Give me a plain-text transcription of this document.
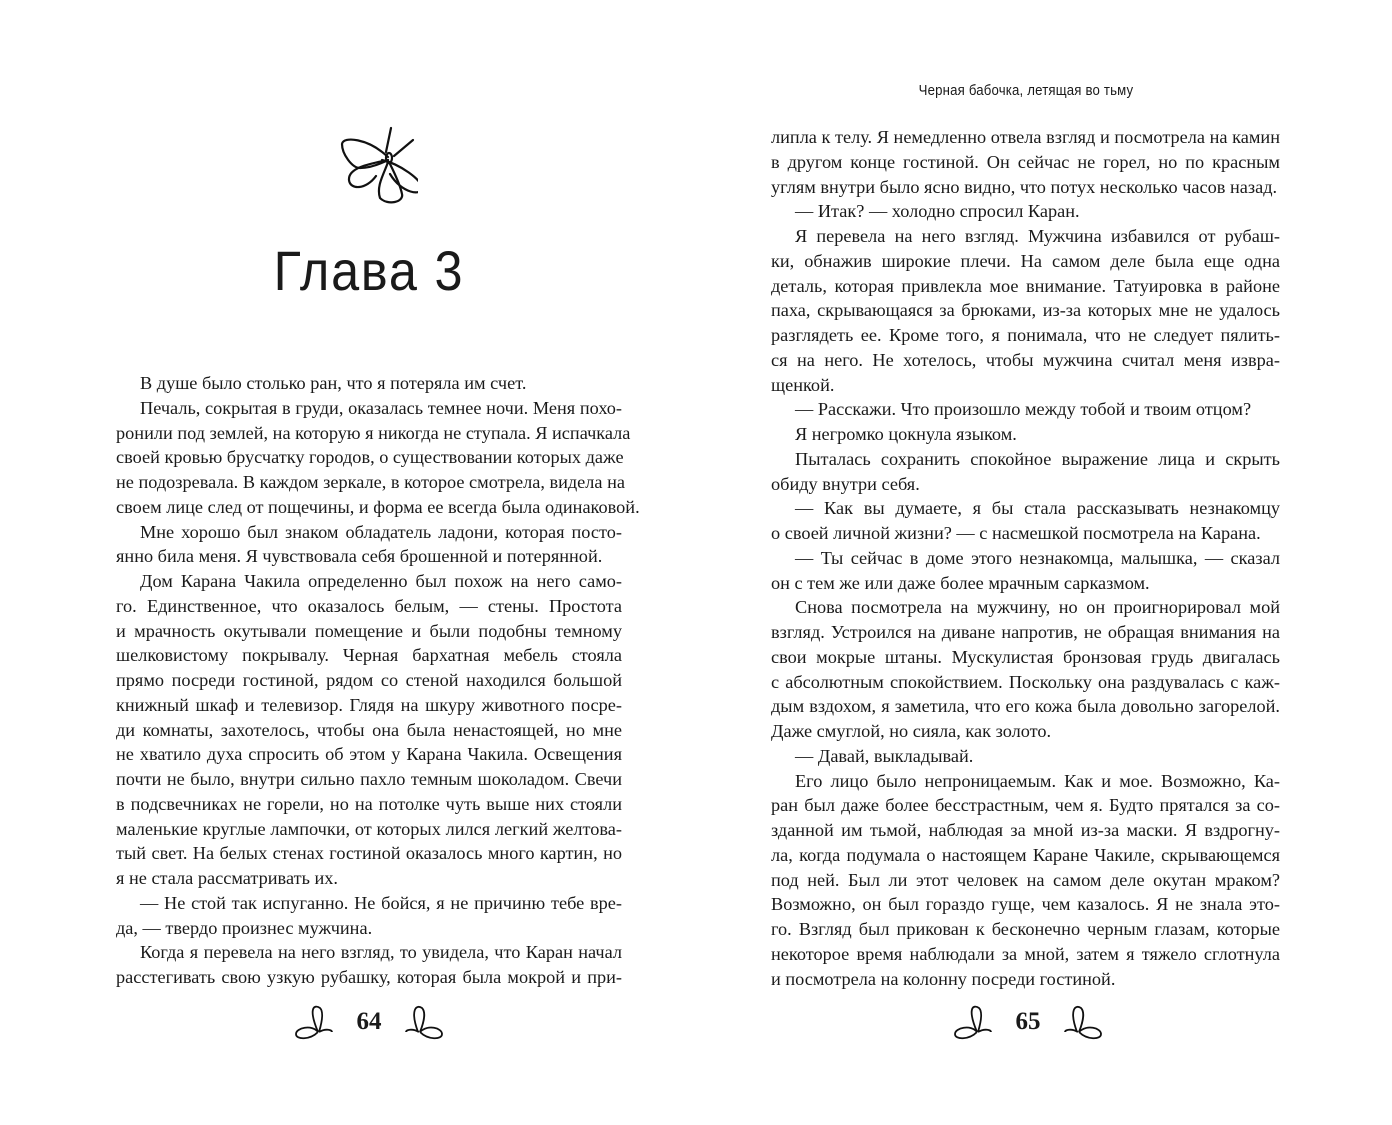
Глава 3
В душе было столько ран, что я потеряла им счет.
Печаль, сокрытая в груди, оказалась темнее ночи. Меня похо-
ронили под землей, на которую я никогда не ступала. Я испачкала
своей кровью брусчатку городов, о существовании которых даже
не подозревала. В каждом зеркале, в которое смотрела, видела на
своем лице след от пощечины, и форма ее всегда была одинаковой.
Мне хорошо был знаком обладатель ладони, которая посто-
янно била меня. Я чувствовала себя брошенной и потерянной.
Дом Карана Чакила определенно был похож на него само-
го. Единственное, что оказалось белым, — стены. Простота
и мрачность окутывали помещение и были подобны темному
шелковистому покрывалу. Черная бархатная мебель стояла
прямо посреди гостиной, рядом со стеной находился большой
книжный шкаф и телевизор. Глядя на шкуру животного посре-
ди комнаты, захотелось, чтобы она была ненастоящей, но мне
не хватило духа спросить об этом у Карана Чакила. Освещения
почти не было, внутри сильно пахло темным шоколадом. Свечи
в подсвечниках не горели, но на потолке чуть выше них стояли
маленькие круглые лампочки, от которых лился легкий желтова-
тый свет. На белых стенах гостиной оказалось много картин, но
я не стала рассматривать их.
— Не стой так испуганно. Не бойся, я не причиню тебе вре-
да, — твердо произнес мужчина.
Когда я перевела на него взгляд, то увидела, что Каран начал
расстегивать свою узкую рубашку, которая была мокрой и при-
64
Черная бабочка, летящая во тьму
липла к телу. Я немедленно отвела взгляд и посмотрела на камин
в другом конце гостиной. Он сейчас не горел, но по красным
углям внутри было ясно видно, что потух несколько часов назад.
— Итак? — холодно спросил Каран.
Я перевела на него взгляд. Мужчина избавился от рубаш-
ки, обнажив широкие плечи. На самом деле была еще одна
деталь, которая привлекла мое внимание. Татуировка в районе
паха, скрывающаяся за брюками, из-за которых мне не удалось
разглядеть ее. Кроме того, я понимала, что не следует пялить-
ся на него. Не хотелось, чтобы мужчина считал меня извра-
щенкой.
— Расскажи. Что произошло между тобой и твоим отцом?
Я негромко цокнула языком.
Пыталась сохранить спокойное выражение лица и скрыть
обиду внутри себя.
— Как вы думаете, я бы стала рассказывать незнакомцу
о своей личной жизни? — с насмешкой посмотрела на Карана.
— Ты сейчас в доме этого незнакомца, малышка, — сказал
он с тем же или даже более мрачным сарказмом.
Снова посмотрела на мужчину, но он проигнорировал мой
взгляд. Устроился на диване напротив, не обращая внимания на
свои мокрые штаны. Мускулистая бронзовая грудь двигалась
с абсолютным спокойствием. Поскольку она раздувалась с каж-
дым вздохом, я заметила, что его кожа была довольно загорелой.
Даже смуглой, но сияла, как золото.
— Давай, выкладывай.
Его лицо было непроницаемым. Как и мое. Возможно, Ка-
ран был даже более бесстрастным, чем я. Будто прятался за со-
зданной им тьмой, наблюдая за мной из-за маски. Я вздрогну-
ла, когда подумала о настоящем Каране Чакиле, скрывающемся
под ней. Был ли этот человек на самом деле окутан мраком?
Возможно, он был гораздо гуще, чем казалось. Я не знала это-
го. Взгляд был прикован к бесконечно черным глазам, которые
некоторое время наблюдали за мной, затем я тяжело сглотнула
и посмотрела на колонну посреди гостиной.
65
